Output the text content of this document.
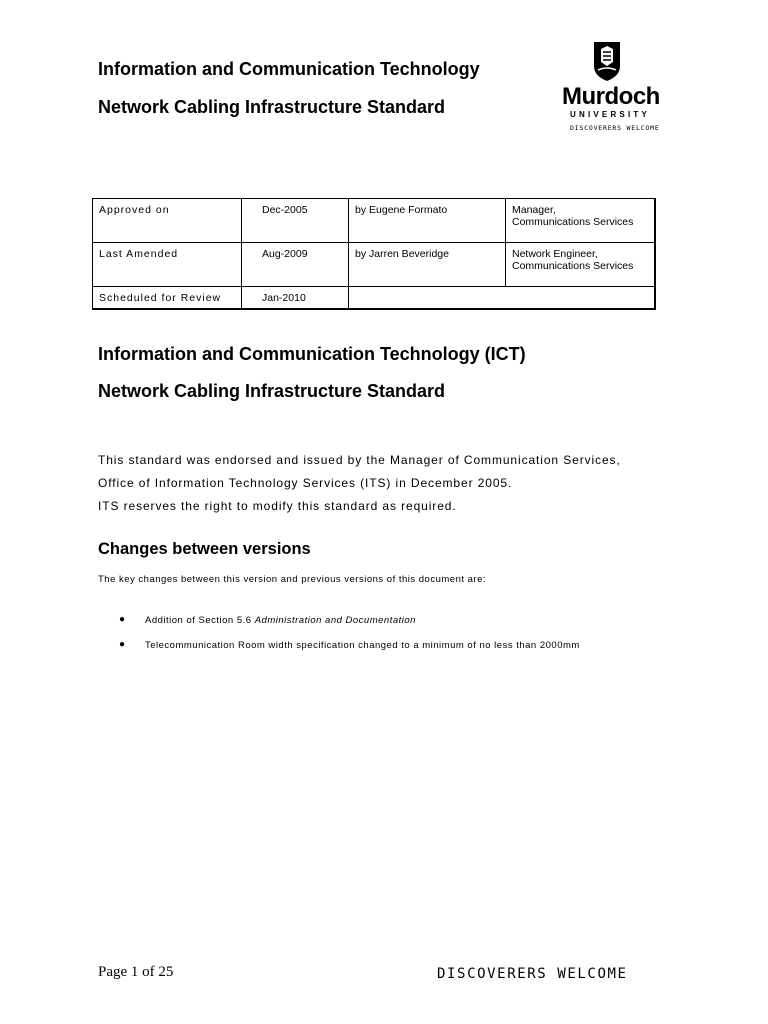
Information and Communication Technology

Network Cabling Infrastructure Standard	Murdoch
UNIVERSITY
DISCOVERERS WELCOME
Approved on	Dec-2005	by Eugene Formato	Manager,
Communications Services

Last Amended	Aug-2009	by Jarren Beveridge	Network Engineer,
Communications Services

Scheduled for Review	Jan-2010		

Information and Communication Technology (ICT)

Network Cabling Infrastructure Standard

This standard was endorsed and issued by the Manager of Communication Services,

Office of Information Technology Services (ITS) in December 2005.

ITS reserves the right to modify this standard as required.

Changes between versions

The key changes between this version and previous versions of this document are:

● Addition of Section 5.6 Administration and Documentation
● Telecommunication Room width specification changed to a minimum of no less than 2000mm
Page 1 of 25	DISCOVERERS WELCOME
